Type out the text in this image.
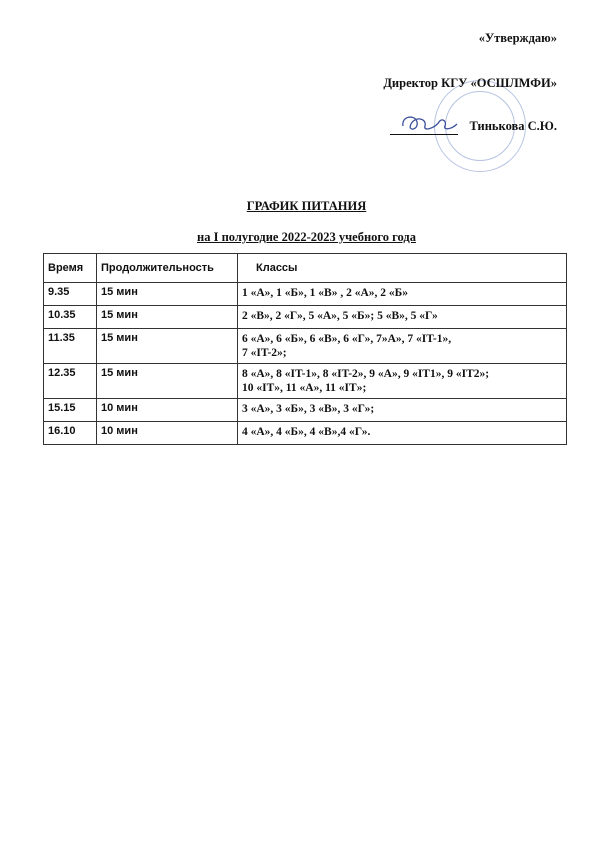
«Утверждаю»
Директор КГУ «ОСШЛМФИ»
Тинькова С.Ю.
ГРАФИК ПИТАНИЯ
на I полугодие 2022-2023 учебного года
Время	Продолжительность	Классы
9.35	15 мин	1 «А», 1 «Б», 1 «В» , 2 «А», 2 «Б»
10.35	15 мин	2 «В», 2 «Г», 5 «А», 5 «Б»; 5 «В», 5 «Г»
11.35	15 мин	6 «А», 6 «Б», 6 «В», 6 «Г», 7»А», 7 «IT-1»,
7 «IT-2»;
12.35	15 мин	8 «А», 8 «IT-1», 8 «IT-2», 9 «А», 9 «IT1», 9 «IT2»;
10 «IT», 11 «А», 11 «IT»;
15.15	10 мин	3 «А», 3 «Б», 3 «В», 3 «Г»;
16.10	10 мин	4 «А», 4 «Б», 4 «В»,4 «Г».
